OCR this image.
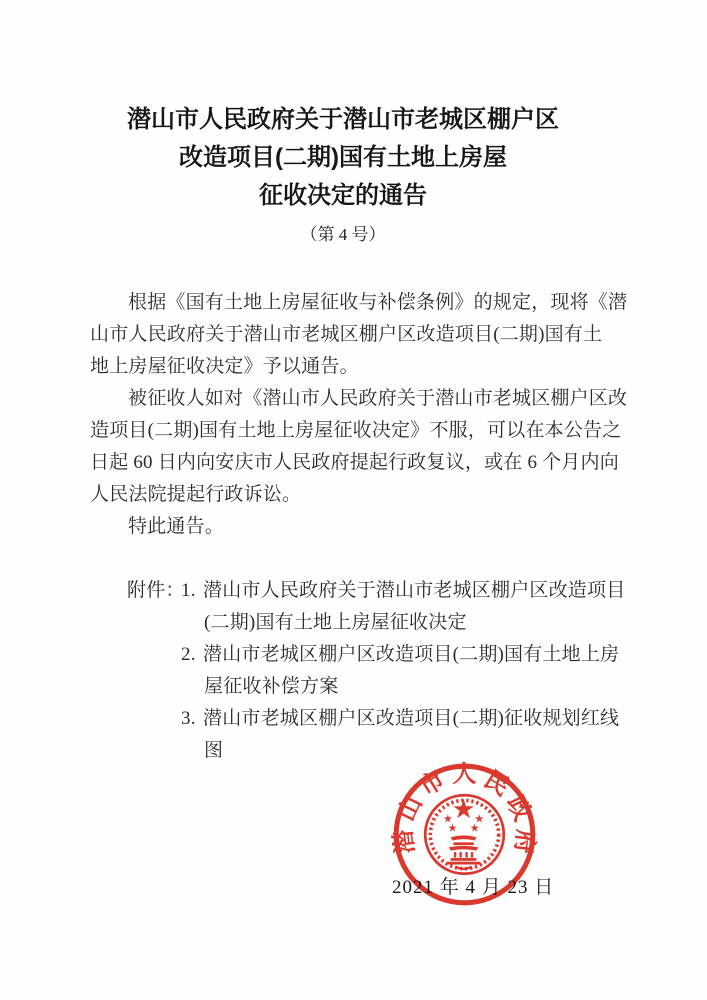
潜山市人民政府关于潜山市老城区棚户区
改造项目(二期)国有土地上房屋
征收决定的通告
（第 4 号）
根据《国有土地上房屋征收与补偿条例》的规定，现将《潜
山市人民政府关于潜山市老城区棚户区改造项目(二期)国有土
地上房屋征收决定》予以通告。
被征收人如对《潜山市人民政府关于潜山市老城区棚户区改
造项目(二期)国有土地上房屋征收决定》不服，可以在本公告之
日起 60 日内向安庆市人民政府提起行政复议，或在 6 个月内向
人民法院提起行政诉讼。
特此通告。
附件：1. 潜山市人民政府关于潜山市老城区棚户区改造项目
(二期)国有土地上房屋征收决定
2. 潜山市老城区棚户区改造项目(二期)国有土地上房
屋征收补偿方案
3. 潜山市老城区棚户区改造项目(二期)征收规划红线
图
2021 年 4 月 23 日
潜山市人民政府
